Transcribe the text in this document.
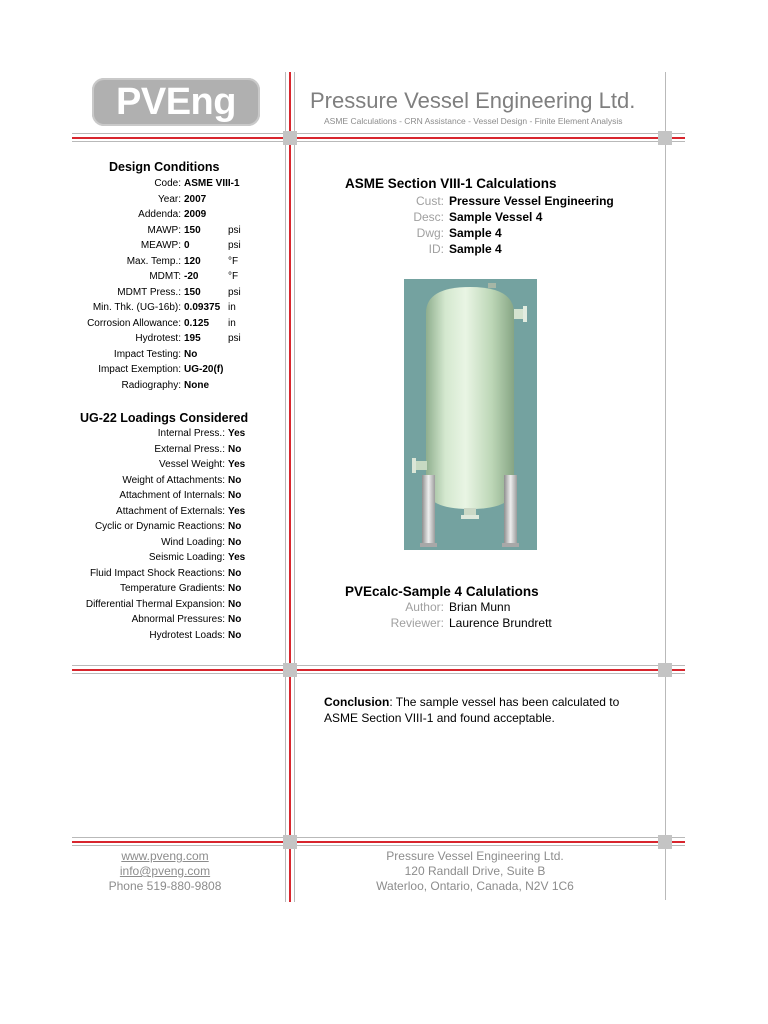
PVEng	Pressure Vessel Engineering Ltd.
ASME Calculations - CRN Assistance - Vessel Design - Finite Element Analysis
Design Conditions
Code: ASME VIII-1
Year: 2007
Addenda: 2009
MAWP: 150	psi
MEAWP: 0	psi
Max. Temp.: 120	°F
MDMT: -20	°F
MDMT Press.: 150	psi
Min. Thk. (UG-16b): 0.09375 in
Corrosion Allowance: 0.125 in
Hydrotest: 195	psi
Impact Testing: No
Impact Exemption: UG-20(f)
Radiography: None
UG-22 Loadings Considered
Internal Press.: Yes
External Press.: No
Vessel Weight: Yes
Weight of Attachments: No
Attachment of Internals: No
Attachment of Externals: Yes
Cyclic or Dynamic Reactions: No
Wind Loading: No
Seismic Loading: Yes
Fluid Impact Shock Reactions: No
Temperature Gradients: No
Differential Thermal Expansion: No
Abnormal Pressures: No
Hydrotest Loads: No
ASME Section VIII-1 Calculations
Cust: Pressure Vessel Engineering
Desc: Sample Vessel 4
Dwg: Sample 4
ID: Sample 4
PVEcalc-Sample 4 Calulations
Author: Brian Munn
Reviewer: Laurence Brundrett
Conclusion: The sample vessel has been calculated to ASME Section VIII-1 and found acceptable.
www.pveng.com
info@pveng.com
Phone 519-880-9808
Pressure Vessel Engineering Ltd.
120 Randall Drive, Suite B
Waterloo, Ontario, Canada, N2V 1C6
